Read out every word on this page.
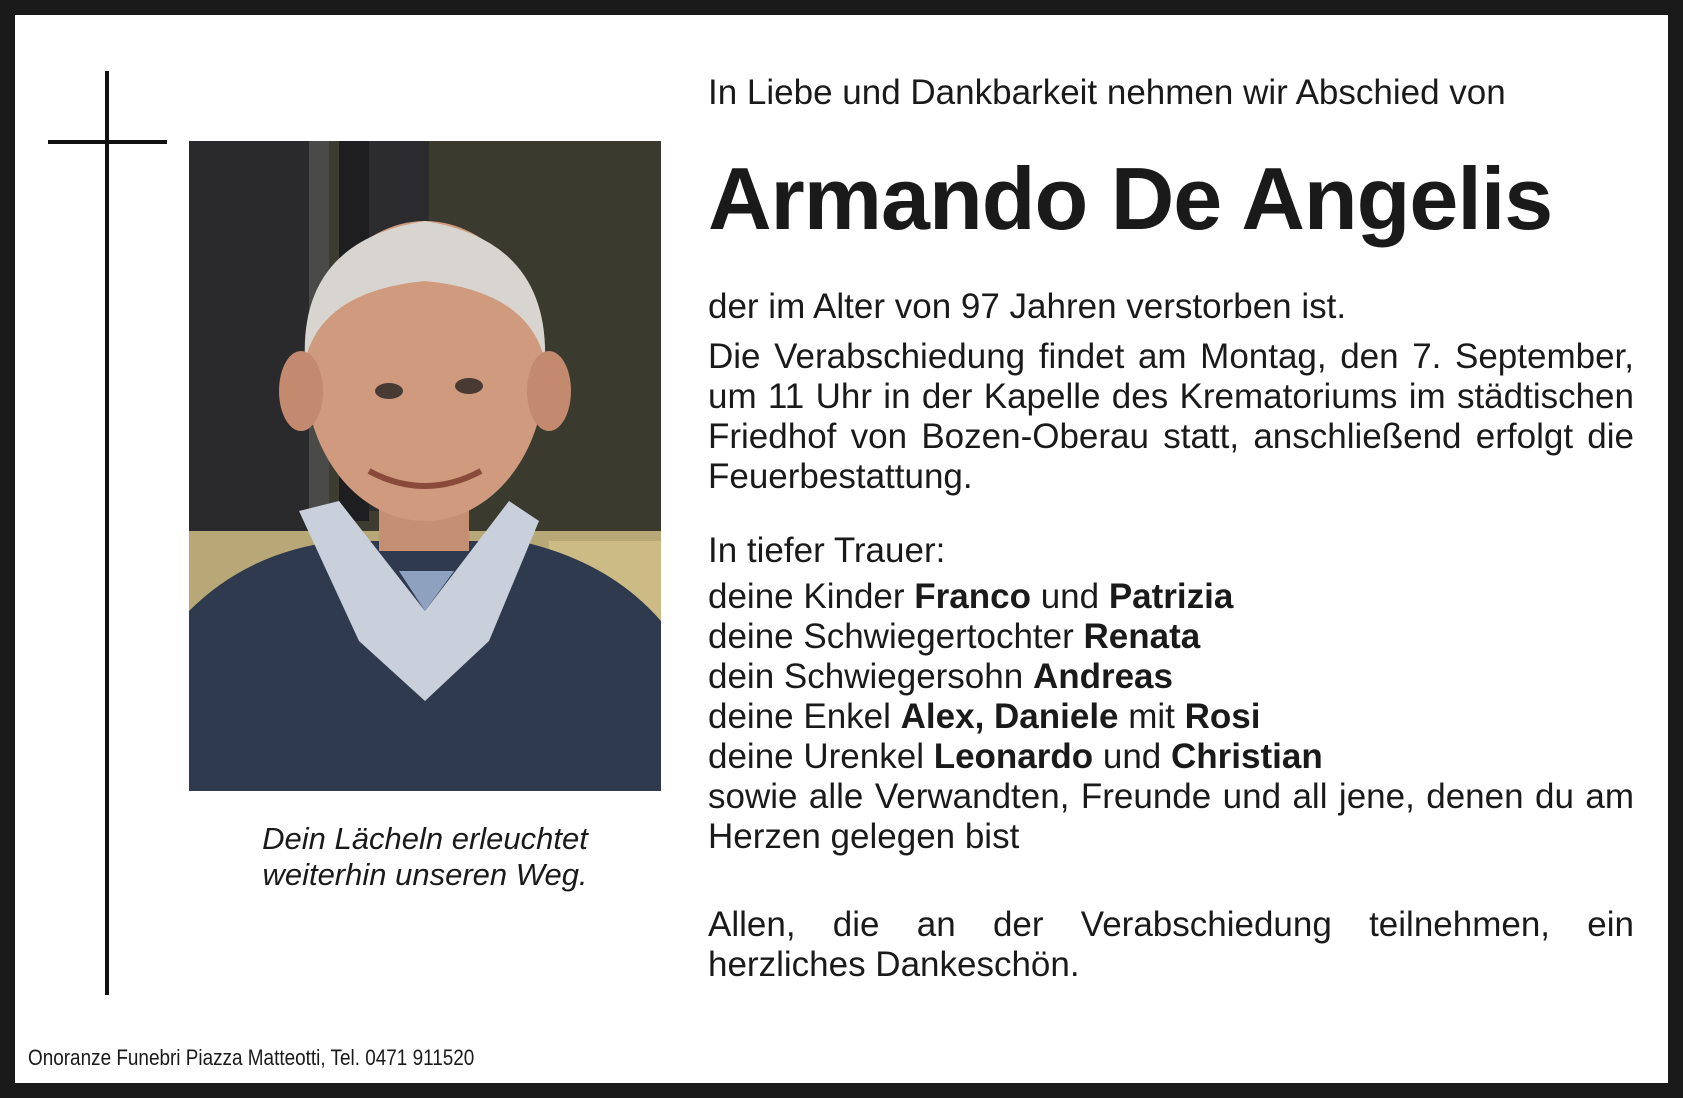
Dein Lächeln erleuchtet
weiterhin unseren Weg.

In Liebe und Dankbarkeit nehmen wir Abschied von

Armando De Angelis

der im Alter von 97 Jahren verstorben ist.

Die Verabschiedung findet am Montag, den 7. September, um 11 Uhr in der Kapelle des Krematoriums im städtischen Friedhof von Bozen-Oberau statt, anschließend erfolgt die Feuerbestattung.

In tiefer Trauer:

deine Kinder Franco und Patrizia
deine Schwiegertochter Renata
dein Schwiegersohn Andreas
deine Enkel Alex, Daniele mit Rosi
deine Urenkel Leonardo und Christian

sowie alle Verwandten, Freunde und all jene, denen du am Herzen gelegen bist

Allen, die an der Verabschiedung teilnehmen, ein herzliches Dankeschön.

Onoranze Funebri Piazza Matteotti, Tel. 0471 911520
